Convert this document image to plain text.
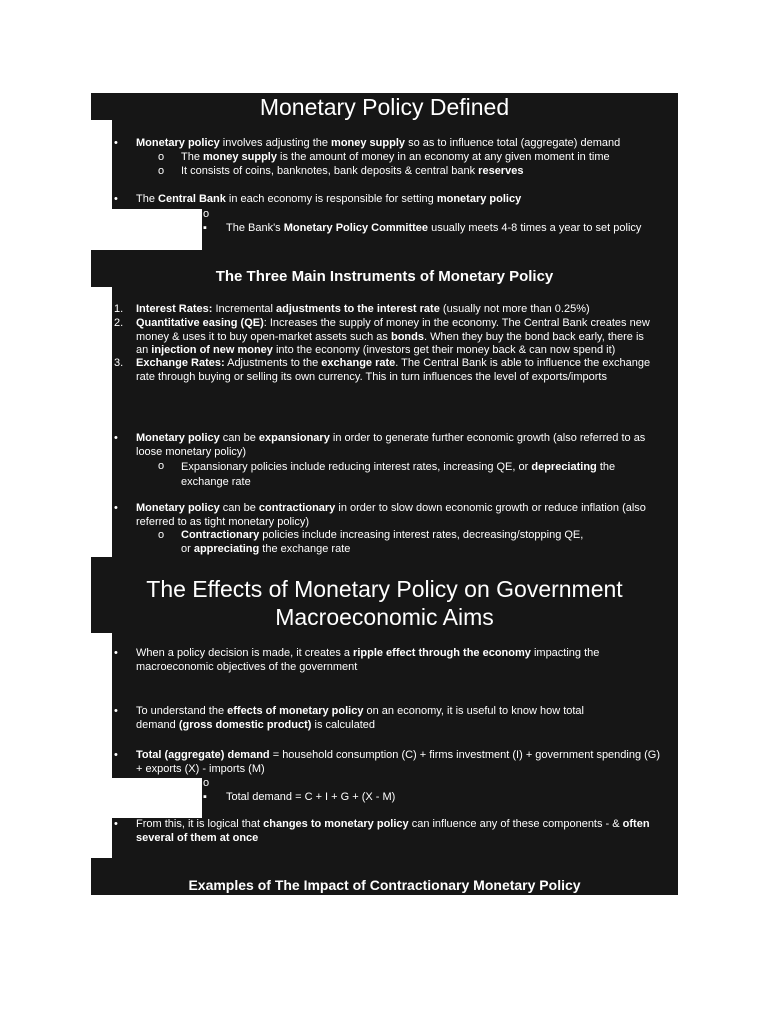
Monetary Policy Defined
• Monetary policy involves adjusting the money supply so as to influence total (aggregate) demand
o The money supply is the amount of money in an economy at any given moment in time
o It consists of coins, banknotes, bank deposits & central bank reserves
• The Central Bank in each economy is responsible for setting monetary policy
o
▪ The Bank's Monetary Policy Committee usually meets 4-8 times a year to set policy
The Three Main Instruments of Monetary Policy
1. Interest Rates: Incremental adjustments to the interest rate (usually not more than 0.25%)
2. Quantitative easing (QE): Increases the supply of money in the economy. The Central Bank creates new
money & uses it to buy open-market assets such as bonds. When they buy the bond back early, there is
an injection of new money into the economy (investors get their money back & can now spend it)
3. Exchange Rates: Adjustments to the exchange rate. The Central Bank is able to influence the exchange
rate through buying or selling its own currency. This in turn influences the level of exports/imports
• Monetary policy can be expansionary in order to generate further economic growth (also referred to as
loose monetary policy)
o Expansionary policies include reducing interest rates, increasing QE, or depreciating the
exchange rate
• Monetary policy can be contractionary in order to slow down economic growth or reduce inflation (also
referred to as tight monetary policy)
o Contractionary policies include increasing interest rates, decreasing/stopping QE,
or appreciating the exchange rate
The Effects of Monetary Policy on Government
Macroeconomic Aims
• When a policy decision is made, it creates a ripple effect through the economy impacting the
macroeconomic objectives of the government
• To understand the effects of monetary policy on an economy, it is useful to know how total
demand (gross domestic product) is calculated
• Total (aggregate) demand = household consumption (C) + firms investment (I) + government spending (G)
+ exports (X) - imports (M)
o
▪ Total demand = C + I + G + (X - M)
• From this, it is logical that changes to monetary policy can influence any of these components - & often
several of them at once
Examples of The Impact of Contractionary Monetary Policy
